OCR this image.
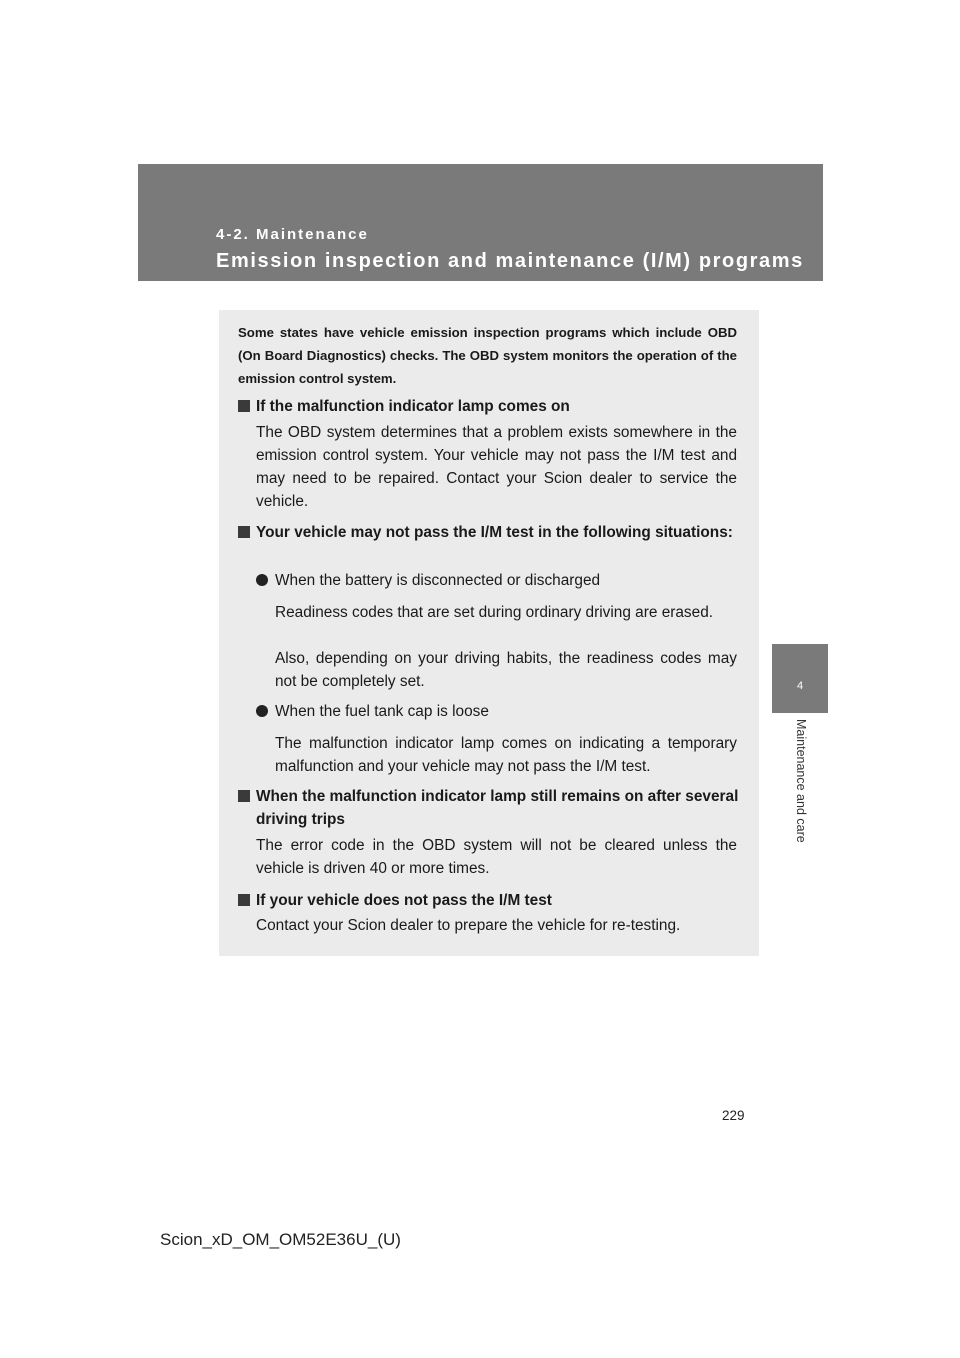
4-2. Maintenance
Emission inspection and maintenance (I/M) programs
4
Maintenance and care
Some states have vehicle emission inspection programs which include OBD (On Board Diagnostics) checks. The OBD system monitors the operation of the emission control system.
If the malfunction indicator lamp comes on
The OBD system determines that a problem exists somewhere in the emission control system. Your vehicle may not pass the I/M test and may need to be repaired. Contact your Scion dealer to service the vehicle.
Your vehicle may not pass the I/M test in the following situations:
When the battery is disconnected or discharged
Readiness codes that are set during ordinary driving are erased.
Also, depending on your driving habits, the readiness codes may not be completely set.
When the fuel tank cap is loose
The malfunction indicator lamp comes on indicating a temporary malfunction and your vehicle may not pass the I/M test.
When the malfunction indicator lamp still remains on after several driving trips
The error code in the OBD system will not be cleared unless the vehicle is driven 40 or more times.
If your vehicle does not pass the I/M test
Contact your Scion dealer to prepare the vehicle for re-testing.
229
Scion_xD_OM_OM52E36U_(U)
